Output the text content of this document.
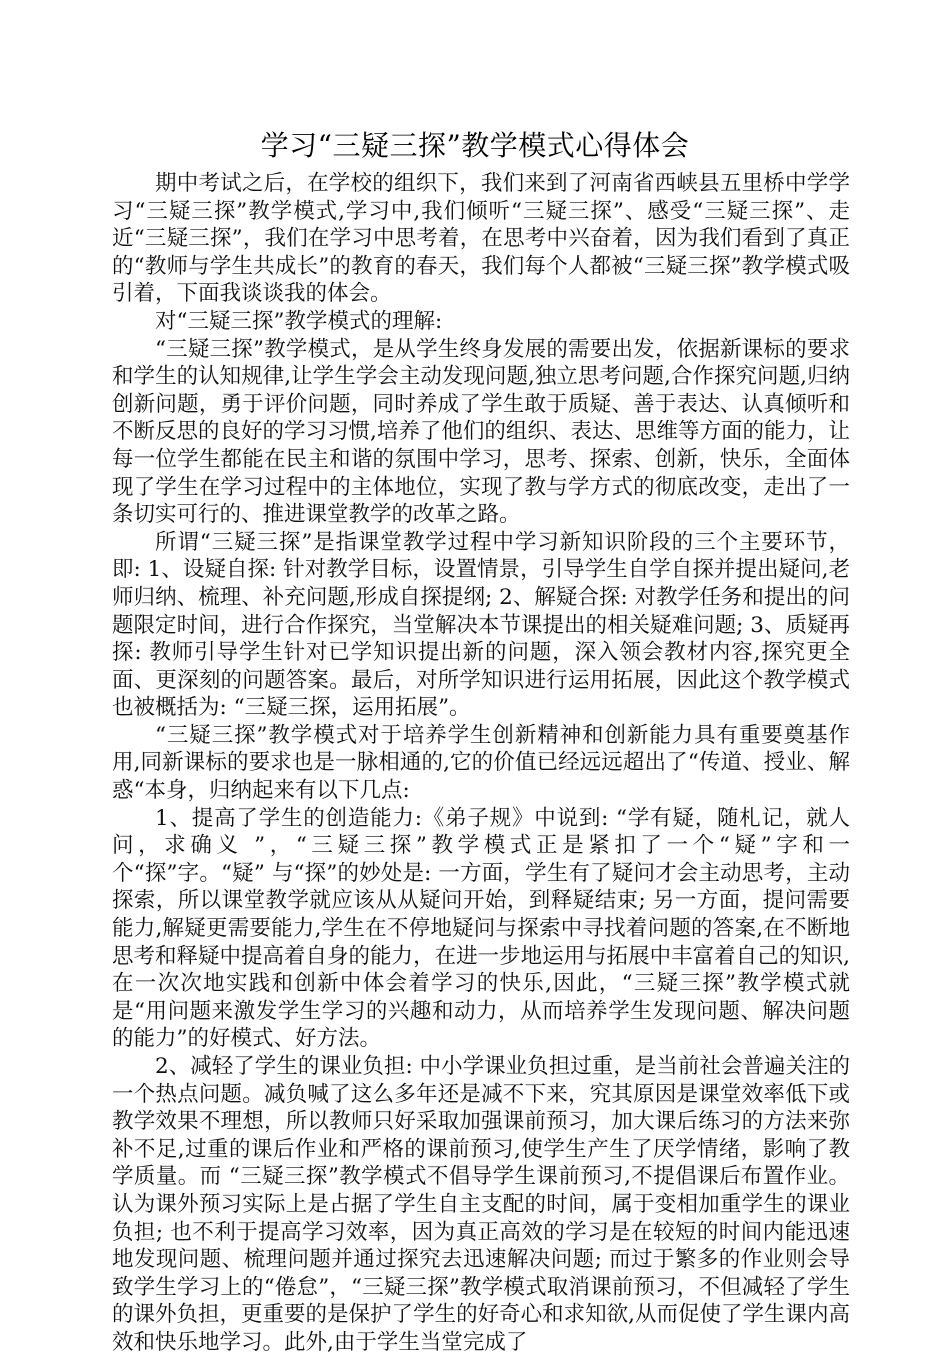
学习“三疑三探”教学模式心得体会

期中考试之后，在学校的组织下，我们来到了河南省西峡县五里桥中学学习“三疑三探”教学模式,学习中,我们倾听“三疑三探”、感受“三疑三探”、走近“三疑三探”，我们在学习中思考着，在思考中兴奋着，因为我们看到了真正的“教师与学生共成长”的教育的春天，我们每个人都被“三疑三探”教学模式吸引着，下面我谈谈我的体会。

对“三疑三探”教学模式的理解:

“三疑三探”教学模式，是从学生终身发展的需要出发，依据新课标的要求和学生的认知规律,让学生学会主动发现问题,独立思考问题,合作探究问题,归纳创新问题，勇于评价问题，同时养成了学生敢于质疑、善于表达、认真倾听和不断反思的良好的学习习惯,培养了他们的组织、表达、思维等方面的能力，让每一位学生都能在民主和谐的氛围中学习，思考、探索、创新，快乐，全面体现了学生在学习过程中的主体地位，实现了教与学方式的彻底改变，走出了一条切实可行的、推进课堂教学的改革之路。

所谓“三疑三探”是指课堂教学过程中学习新知识阶段的三个主要环节，即: 1、设疑自探: 针对教学目标，设置情景，引导学生自学自探并提出疑问,老师归纳、梳理、补充问题,形成自探提纲; 2、解疑合探: 对教学任务和提出的问题限定时间，进行合作探究，当堂解决本节课提出的相关疑难问题; 3、质疑再探: 教师引导学生针对已学知识提出新的问题，深入领会教材内容,探究更全面、更深刻的问题答案。最后，对所学知识进行运用拓展，因此这个教学模式也被概括为: “三疑三探，运用拓展”。

“三疑三探”教学模式对于培养学生创新精神和创新能力具有重要奠基作用,同新课标的要求也是一脉相通的,它的价值已经远远超出了“传道、授业、解惑“本身，归纳起来有以下几点:

1、提高了学生的创造能力:《弟子规》中说到: “学有疑，随札记，就人问，求确义 ”，“三疑三探”教学模式正是紧扣了一个“疑”字和一个“探”字。“疑” 与“探”的妙处是: 一方面，学生有了疑问才会主动思考，主动探索，所以课堂教学就应该从从疑问开始，到释疑结束; 另一方面，提问需要能力,解疑更需要能力,学生在不停地疑问与探索中寻找着问题的答案,在不断地思考和释疑中提高着自身的能力，在进一步地运用与拓展中丰富着自己的知识,在一次次地实践和创新中体会着学习的快乐,因此，“三疑三探”教学模式就是“用问题来激发学生学习的兴趣和动力，从而培养学生发现问题、解决问题的能力”的好模式、好方法。

2、减轻了学生的课业负担: 中小学课业负担过重，是当前社会普遍关注的一个热点问题。减负喊了这么多年还是减不下来，究其原因是课堂效率低下或教学效果不理想，所以教师只好采取加强课前预习，加大课后练习的方法来弥补不足,过重的课后作业和严格的课前预习,使学生产生了厌学情绪，影响了教学质量。而 “三疑三探”教学模式不倡导学生课前预习,不提倡课后布置作业。认为课外预习实际上是占据了学生自主支配的时间，属于变相加重学生的课业负担; 也不利于提高学习效率，因为真正高效的学习是在较短的时间内能迅速地发现问题、梳理问题并通过探究去迅速解决问题; 而过于繁多的作业则会导致学生学习上的“倦怠”，“三疑三探”教学模式取消课前预习，不但减轻了学生的课外负担，更重要的是保护了学生的好奇心和求知欲,从而促使了学生课内高效和快乐地学习。此外,由于学生当堂完成了
